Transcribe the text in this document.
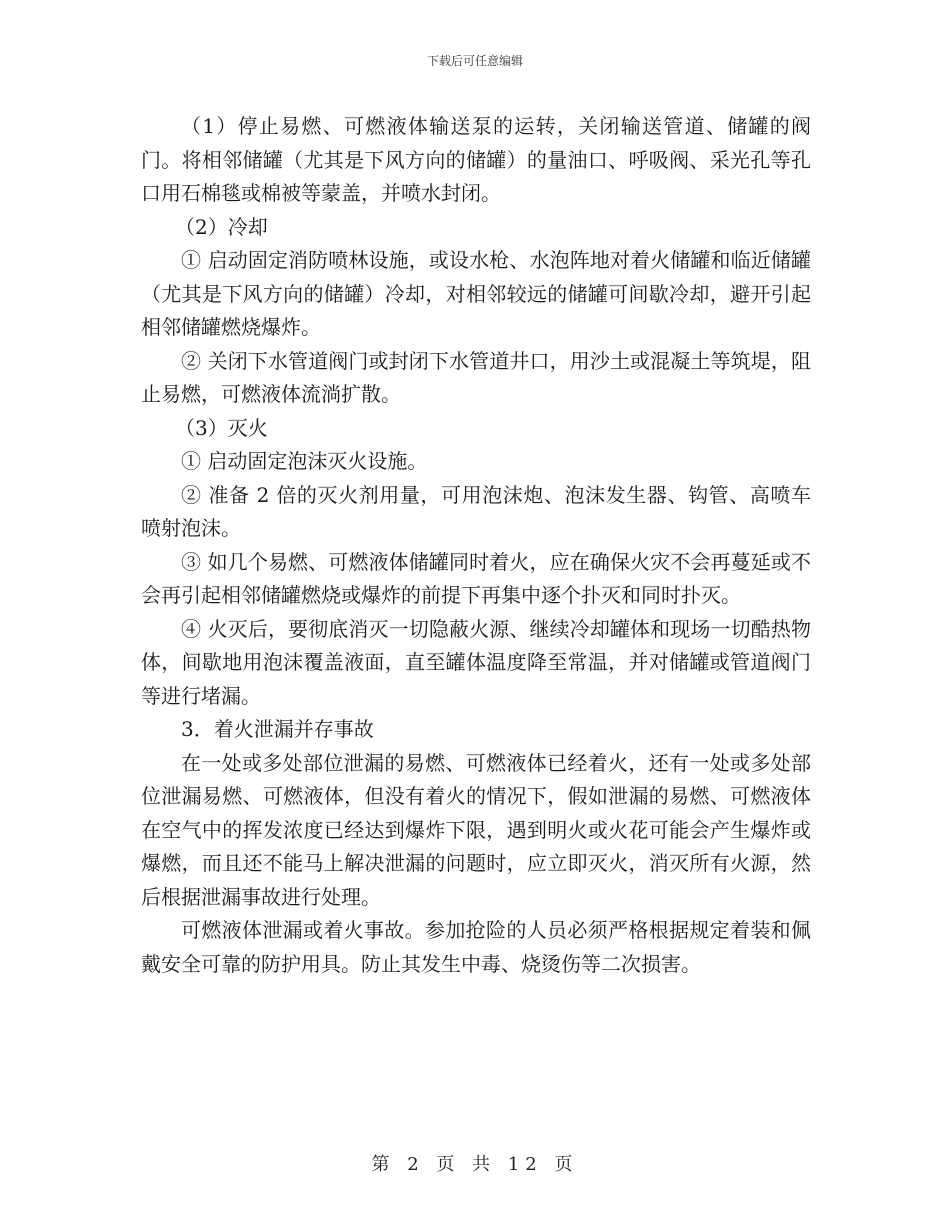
下载后可任意编辑

（1）停止易燃、可燃液体输送泵的运转，关闭输送管道、储罐的阀门。将相邻储罐（尤其是下风方向的储罐）的量油口、呼吸阀、采光孔等孔口用石棉毯或棉被等蒙盖，并喷水封闭。

（2）冷却

① 启动固定消防喷林设施，或设水枪、水泡阵地对着火储罐和临近储罐（尤其是下风方向的储罐）冷却，对相邻较远的储罐可间歇冷却，避开引起相邻储罐燃烧爆炸。

② 关闭下水管道阀门或封闭下水管道井口，用沙土或混凝土等筑堤，阻止易燃，可燃液体流淌扩散。

（3）灭火

① 启动固定泡沫灭火设施。

② 准备 2 倍的灭火剂用量，可用泡沫炮、泡沫发生器、钩管、高喷车喷射泡沫。

③ 如几个易燃、可燃液体储罐同时着火，应在确保火灾不会再蔓延或不会再引起相邻储罐燃烧或爆炸的前提下再集中逐个扑灭和同时扑灭。

④ 火灭后，要彻底消灭一切隐蔽火源、继续冷却罐体和现场一切酷热物体，间歇地用泡沫覆盖液面，直至罐体温度降至常温，并对储罐或管道阀门等进行堵漏。

3．着火泄漏并存事故

在一处或多处部位泄漏的易燃、可燃液体已经着火，还有一处或多处部位泄漏易燃、可燃液体，但没有着火的情况下，假如泄漏的易燃、可燃液体在空气中的挥发浓度已经达到爆炸下限，遇到明火或火花可能会产生爆炸或爆燃，而且还不能马上解决泄漏的问题时，应立即灭火，消灭所有火源，然后根据泄漏事故进行处理。

可燃液体泄漏或着火事故。参加抢险的人员必须严格根据规定着装和佩戴安全可靠的防护用具。防止其发生中毒、烧烫伤等二次损害。

第 2 页 共 12 页
